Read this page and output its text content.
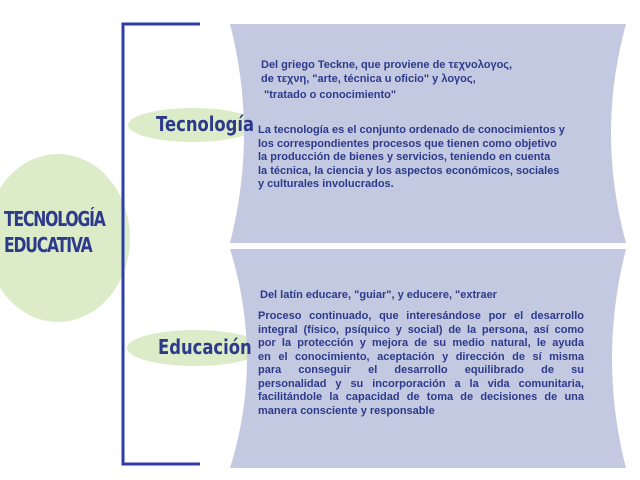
TECNOLOGÍA
EDUCATIVA
Tecnología
Educación
Del griego Teckne, que proviene de τεχνολογος,
de τεχνη, "arte, técnica u oficio" y λογος,
"tratado o conocimiento"
La tecnología es el conjunto ordenado de conocimientos y
los correspondientes procesos que tienen como objetivo
la producción de bienes y servicios, teniendo en cuenta
la técnica, la ciencia y los aspectos económicos, sociales
y culturales involucrados.
Del latín educare, "guiar", y educere, "extraer
Proceso continuado, que interesándose por el desarrollo
integral (físico, psíquico y social) de la persona, así como
por la protección y mejora de su medio natural, le ayuda
en el conocimiento, aceptación y dirección de sí misma
para conseguir el desarrollo equilibrado de su
personalidad y su incorporación a la vida comunitaria,
facilitándole la capacidad de toma de decisiones de una
manera consciente y responsable
